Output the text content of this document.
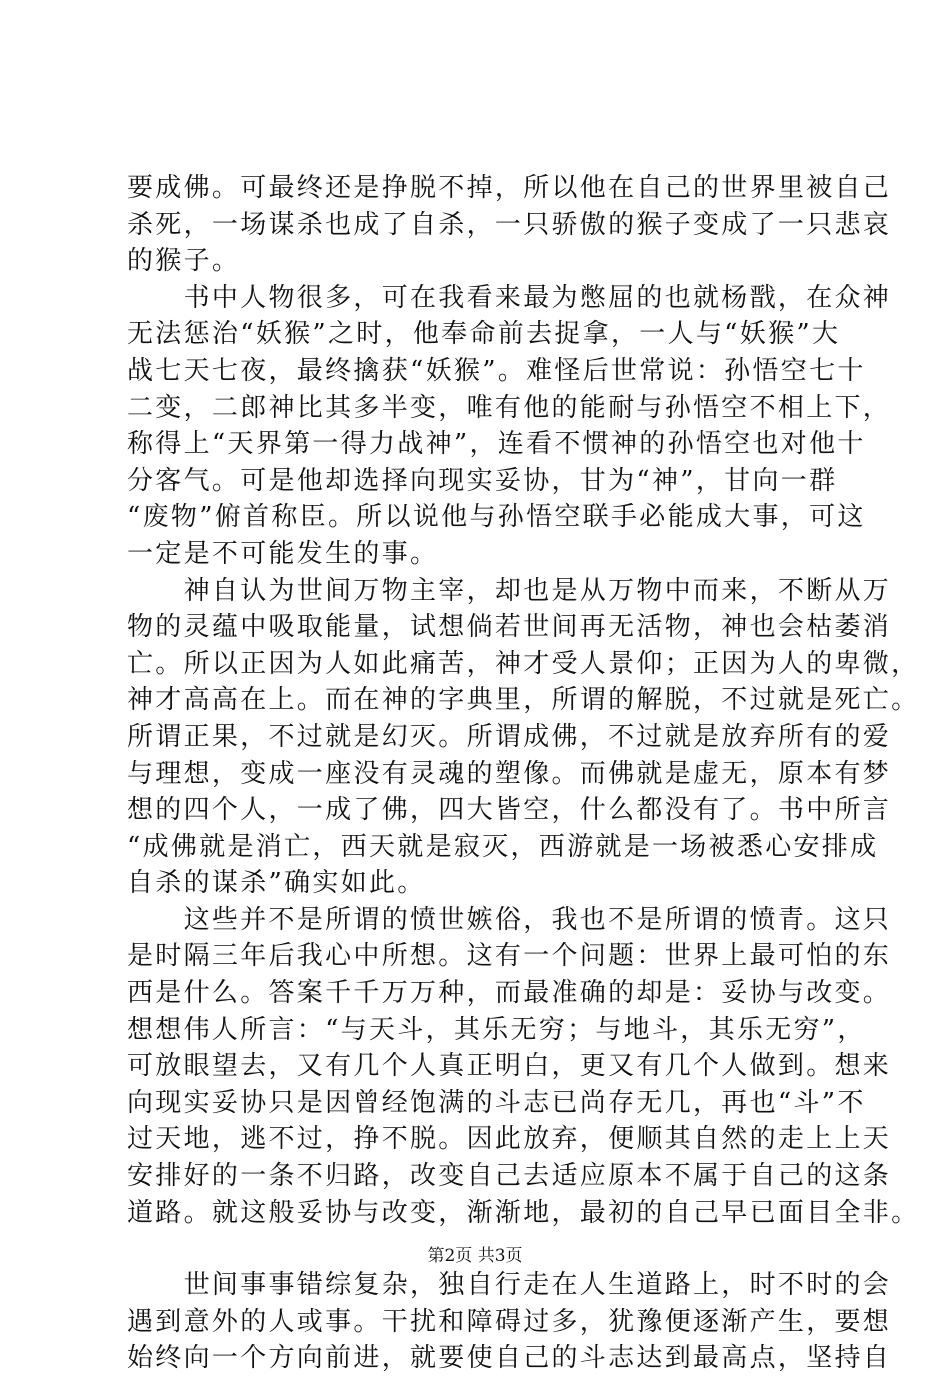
要成佛。可最终还是挣脱不掉，所以他在自己的世界里被自己
杀死，一场谋杀也成了自杀，一只骄傲的猴子变成了一只悲哀
的猴子。
　　书中人物很多，可在我看来最为憋屈的也就杨戬，在众神
无法惩治“妖猴”之时，他奉命前去捉拿，一人与“妖猴”大
战七天七夜，最终擒获“妖猴”。难怪后世常说：孙悟空七十
二变，二郎神比其多半变，唯有他的能耐与孙悟空不相上下，
称得上“天界第一得力战神”，连看不惯神的孙悟空也对他十
分客气。可是他却选择向现实妥协，甘为“神”，甘向一群
“废物”俯首称臣。所以说他与孙悟空联手必能成大事，可这
一定是不可能发生的事。
　　神自认为世间万物主宰，却也是从万物中而来，不断从万
物的灵蕴中吸取能量，试想倘若世间再无活物，神也会枯萎消
亡。所以正因为人如此痛苦，神才受人景仰；正因为人的卑微，
神才高高在上。而在神的字典里，所谓的解脱，不过就是死亡。
所谓正果，不过就是幻灭。所谓成佛，不过就是放弃所有的爱
与理想，变成一座没有灵魂的塑像。而佛就是虚无，原本有梦
想的四个人，一成了佛，四大皆空，什么都没有了。书中所言
“成佛就是消亡，西天就是寂灭，西游就是一场被悉心安排成
自杀的谋杀”确实如此。
　　这些并不是所谓的愤世嫉俗，我也不是所谓的愤青。这只
是时隔三年后我心中所想。这有一个问题：世界上最可怕的东
西是什么。答案千千万万种，而最准确的却是：妥协与改变。
想想伟人所言：“与天斗，其乐无穷；与地斗，其乐无穷”，
可放眼望去，又有几个人真正明白，更又有几个人做到。想来
向现实妥协只是因曾经饱满的斗志已尚存无几，再也“斗”不
过天地，逃不过，挣不脱。因此放弃，便顺其自然的走上上天
安排好的一条不归路，改变自己去适应原本不属于自己的这条
道路。就这般妥协与改变，渐渐地，最初的自己早已面目全非。
　　世间事事错综复杂，独自行走在人生道路上，时不时的会
遇到意外的人或事。干扰和障碍过多，犹豫便逐渐产生，要想
始终向一个方向前进，就要使自己的斗志达到最高点，坚持自
第2页 共3页
